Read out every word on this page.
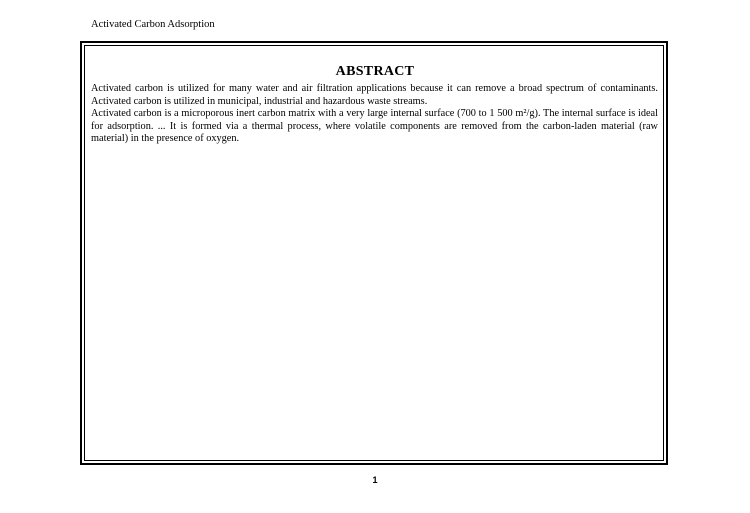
Activated Carbon Adsorption
ABSTRACT

Activated carbon is utilized for many water and air filtration applications because it can remove a broad spectrum of contaminants. Activated carbon is utilized in municipal, industrial and hazardous waste streams.

Activated carbon is a microporous inert carbon matrix with a very large internal surface (700 to 1 500 m²/g). The internal surface is ideal for adsorption. ... It is formed via a thermal process, where volatile components are removed from the carbon-laden material (raw material) in the presence of oxygen.

1
